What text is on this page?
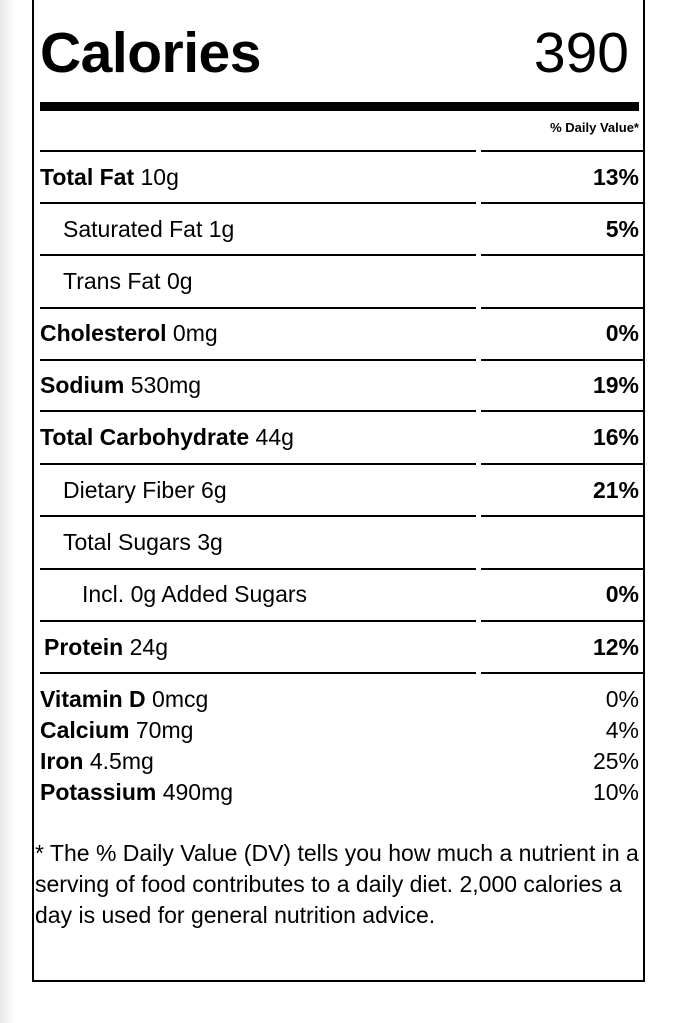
Calories	390
% Daily Value*
Total Fat 10g	13%
Saturated Fat 1g	5%
Trans Fat 0g
Cholesterol 0mg	0%
Sodium 530mg	19%
Total Carbohydrate 44g	16%
Dietary Fiber 6g	21%
Total Sugars 3g
Incl. 0g Added Sugars	0%
Protein 24g	12%
Vitamin D 0mcg	0%
Calcium 70mg	4%
Iron 4.5mg	25%
Potassium 490mg	10%
* The % Daily Value (DV) tells you how much a nutrient in a serving of food contributes to a daily diet. 2,000 calories a day is used for general nutrition advice.
